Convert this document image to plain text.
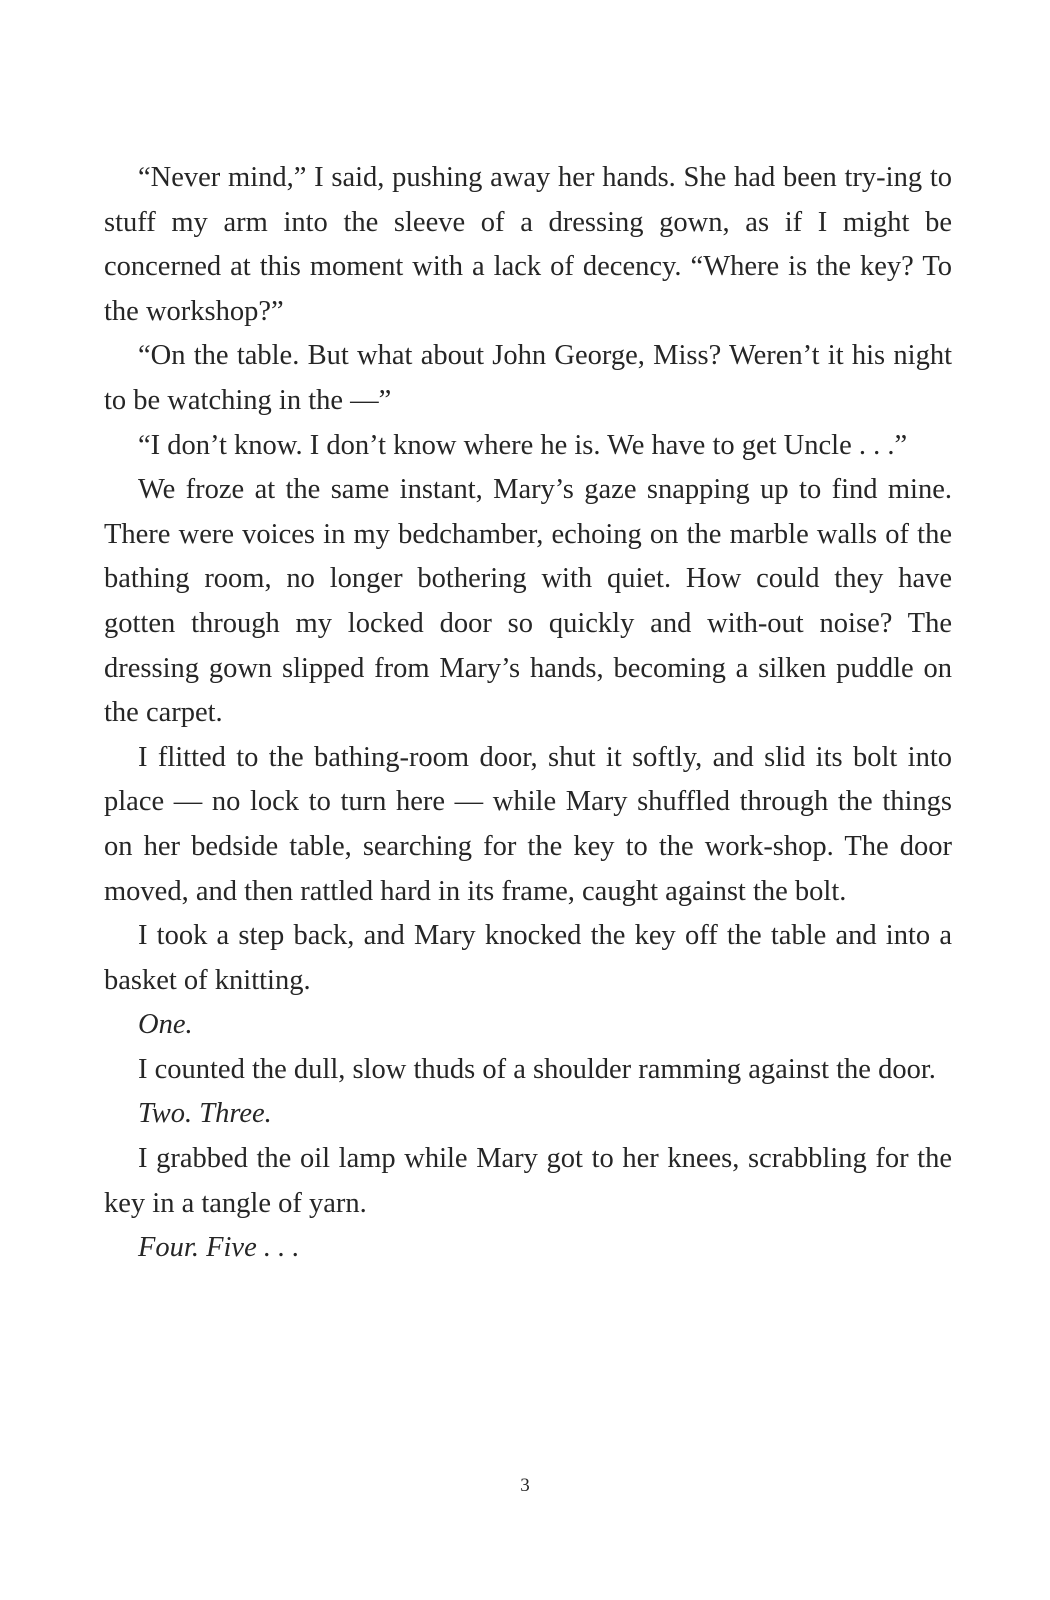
“Never mind,” I said, pushing away her hands. She had been try-ing to stuff my arm into the sleeve of a dressing gown, as if I might be concerned at this moment with a lack of decency. “Where is the key? To the workshop?”

“On the table. But what about John George, Miss? Weren’t it his night to be watching in the —”

“I don’t know. I don’t know where he is. We have to get Uncle . . .”

We froze at the same instant, Mary’s gaze snapping up to find mine. There were voices in my bedchamber, echoing on the marble walls of the bathing room, no longer bothering with quiet. How could they have gotten through my locked door so quickly and with-out noise? The dressing gown slipped from Mary’s hands, becoming a silken puddle on the carpet.

I flitted to the bathing-room door, shut it softly, and slid its bolt into place — no lock to turn here — while Mary shuffled through the things on her bedside table, searching for the key to the work-shop. The door moved, and then rattled hard in its frame, caught against the bolt.

I took a step back, and Mary knocked the key off the table and into a basket of knitting.

One.

I counted the dull, slow thuds of a shoulder ramming against the door.

Two. Three.

I grabbed the oil lamp while Mary got to her knees, scrabbling for the key in a tangle of yarn.

Four. Five . . .

3
